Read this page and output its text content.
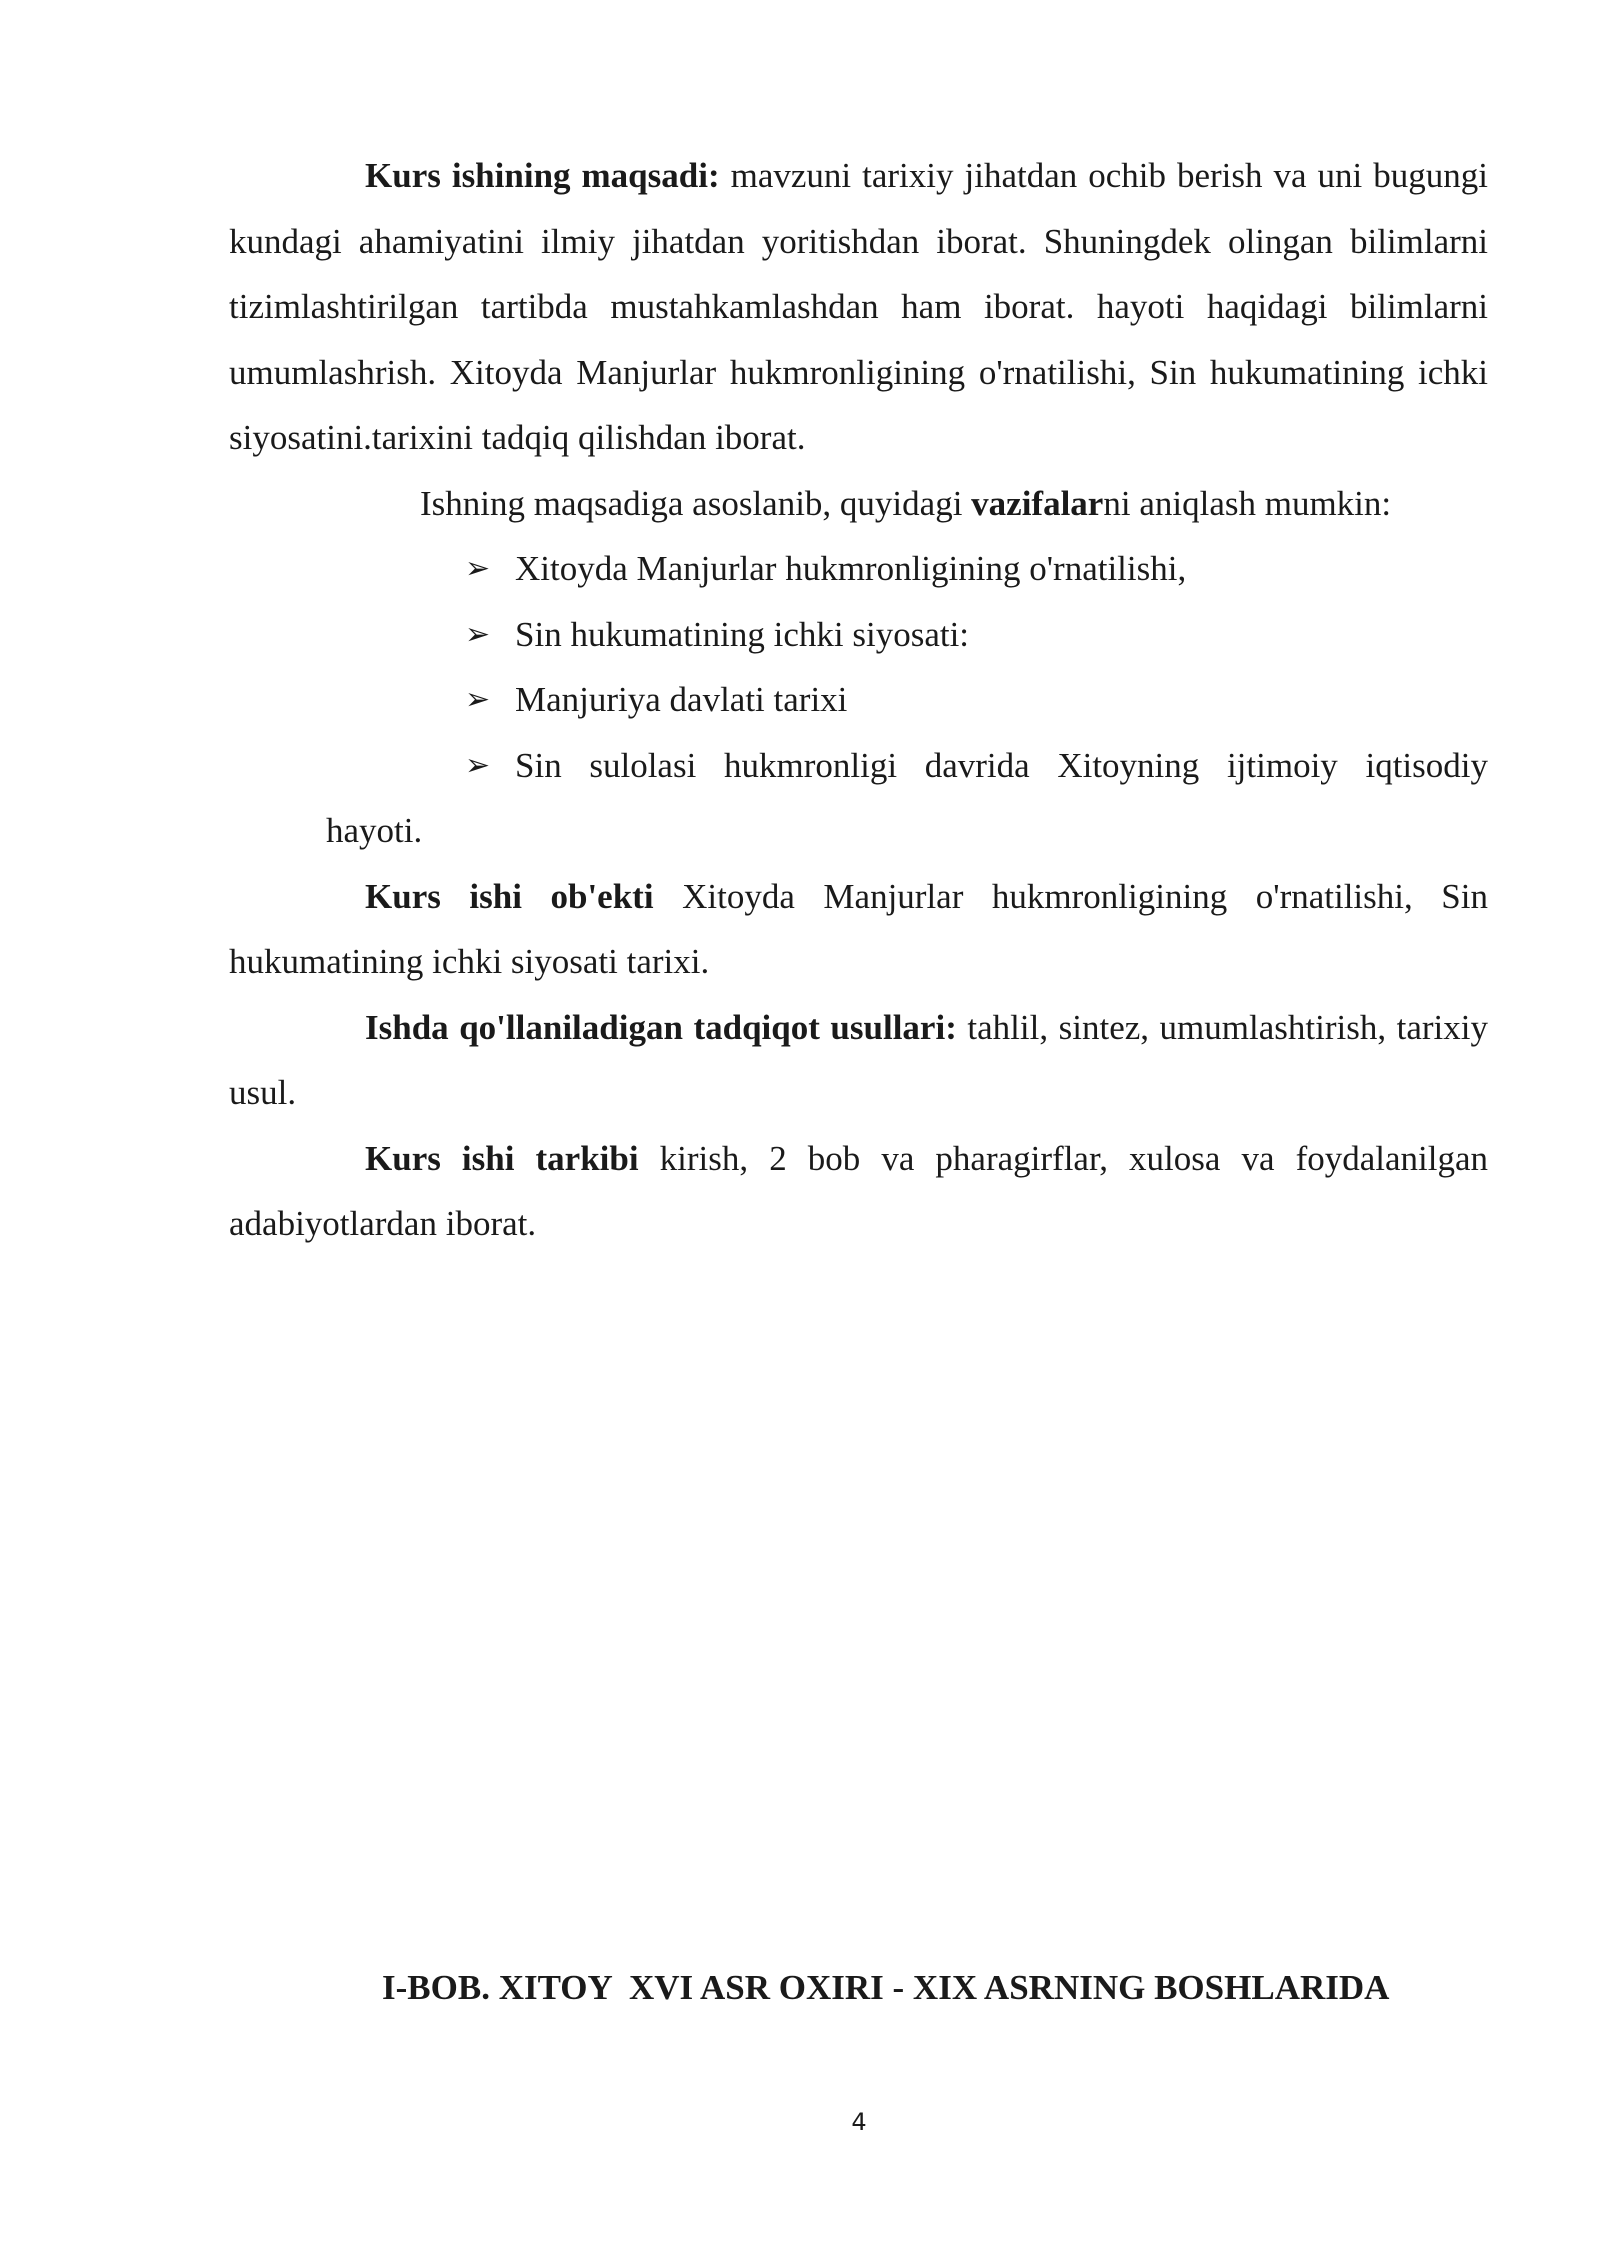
Kurs ishining maqsadi: mavzuni tarixiy jihatdan ochib berish va uni bugungi kundagi ahamiyatini ilmiy jihatdan yoritishdan iborat. Shuningdek olingan bilimlarni tizimlashtirilgan tartibda mustahkamlashdan ham iborat. hayoti haqidagi bilimlarni umumlashrish. Xitoyda Manjurlar hukmronligining o'rnatilishi, Sin hukumatining ichki siyosatini.tarixini tadqiq qilishdan iborat.

Ishning maqsadiga asoslanib, quyidagi vazifalarni aniqlash mumkin:

➢ Xitoyda Manjurlar hukmronligining o'rnatilishi,
➢ Sin hukumatining ichki siyosati:
➢ Manjuriya davlati tarixi
➢ Sin sulolasi hukmronligi davrida Xitoyning ijtimoiy iqtisodiy

hayoti.

Kurs ishi ob'ekti Xitoyda Manjurlar hukmronligining o'rnatilishi, Sin hukumatining ichki siyosati tarixi.

Ishda qo'llaniladigan tadqiqot usullari: tahlil, sintez, umumlashtirish, tarixiy usul.

Kurs ishi tarkibi kirish, 2 bob va pharagirflar, xulosa va foydalanilgan adabiyotlardan iborat.

I-BOB. XITOY  XVI ASR OXIRI - XIX ASRNING BOSHLARIDA

4
